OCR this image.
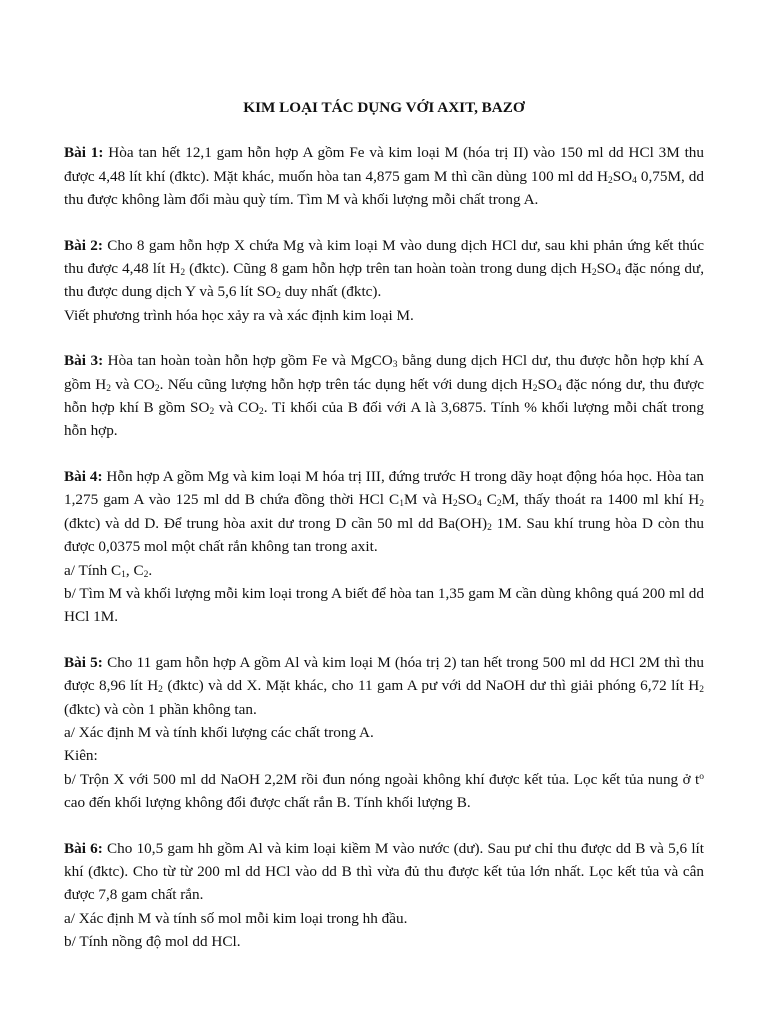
KIM LOẠI TÁC DỤNG VỚI AXIT, BAZƠ

Bài 1: Hòa tan hết 12,1 gam hỗn hợp A gồm Fe và kim loại M (hóa trị II) vào 150 ml dd HCl 3M thu được 4,48 lít khí (đktc). Mặt khác, muốn hòa tan 4,875 gam M thì cần dùng 100 ml dd $H_2SO_4$ 0,75M, dd thu được không làm đổi màu quỳ tím. Tìm M và khối lượng mỗi chất trong A.

Bài 2: Cho 8 gam hỗn hợp X chứa Mg và kim loại M vào dung dịch HCl dư, sau khi phản ứng kết thúc thu được 4,48 lít $H_2$ (đktc). Cũng 8 gam hỗn hợp trên tan hoàn toàn trong dung dịch $H_2SO_4$ đặc nóng dư, thu được dung dịch Y và 5,6 lít $SO_2$ duy nhất (đktc).

Viết phương trình hóa học xảy ra và xác định kim loại M.

Bài 3: Hòa tan hoàn toàn hỗn hợp gồm Fe và MgCO$_3$ bằng dung dịch HCl dư, thu được hỗn hợp khí A gồm $H_2$ và $CO_2$. Nếu cũng lượng hỗn hợp trên tác dụng hết với dung dịch $H_2SO_4$ đặc nóng dư, thu được hỗn hợp khí B gồm $SO_2$ và $CO_2$. Tỉ khối của B đối với A là 3,6875. Tính % khối lượng mỗi chất trong hỗn hợp.

Bài 4: Hỗn hợp A gồm Mg và kim loại M hóa trị III, đứng trước H trong dãy hoạt động hóa học. Hòa tan 1,275 gam A vào 125 ml dd B chứa đồng thời HCl $C_1M$ và $H_2SO_4$ $C_2M$, thấy thoát ra 1400 ml khí $H_2$ (đktc) và dd D. Để trung hòa axit dư trong D cần 50 ml dd $Ba(OH)_2$ 1M. Sau khí trung hòa D còn thu được 0,0375 mol một chất rắn không tan trong axit.

a/ Tính $C_1$, $C_2$.

b/ Tìm M và khối lượng mỗi kim loại trong A biết để hòa tan 1,35 gam M cần dùng không quá 200 ml dd HCl 1M.

Bài 5: Cho 11 gam hỗn hợp A gồm Al và kim loại M (hóa trị 2) tan hết trong 500 ml dd HCl 2M thì thu được 8,96 lít $H_2$ (đktc) và dd X. Mặt khác, cho 11 gam A pư với dd NaOH dư thì giải phóng 6,72 lít $H_2$ (đktc) và còn 1 phần không tan.

a/ Xác định M và tính khối lượng các chất trong A.

Kiên:

b/ Trộn X với 500 ml dd NaOH 2,2M rồi đun nóng ngoài không khí được kết tủa. Lọc kết tủa nung ở $t^o$ cao đến khối lượng không đổi được chất rắn B. Tính khối lượng B.

Bài 6: Cho 10,5 gam hh gồm Al và kim loại kiềm M vào nước (dư). Sau pư chỉ thu được dd B và 5,6 lít khí (đktc). Cho từ từ 200 ml dd HCl vào dd B thì vừa đủ thu được kết tủa lớn nhất. Lọc kết tủa và cân được 7,8 gam chất rắn.

a/ Xác định M và tính số mol mỗi kim loại trong hh đầu.

b/ Tính nồng độ mol dd HCl.
